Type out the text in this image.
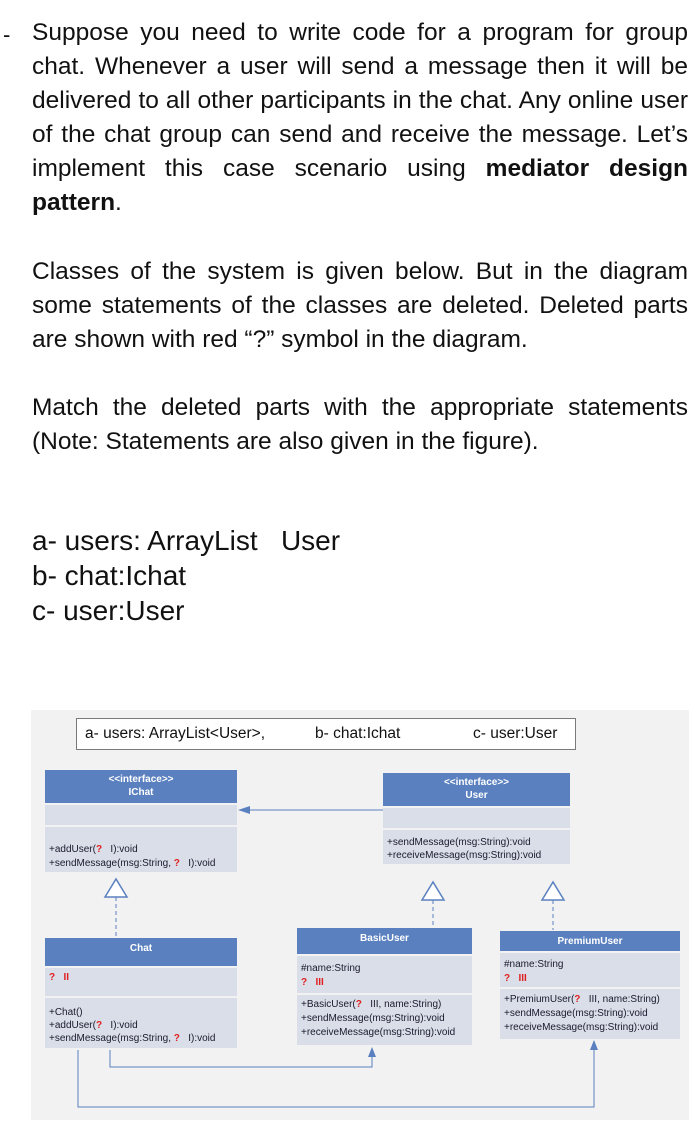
- Suppose you need to write code for a program for group chat. Whenever a user will send a message then it will be delivered to all other participants in the chat. Any online user of the chat group can send and receive the message. Let’s implement this case scenario using mediator design pattern.
Classes of the system is given below. But in the diagram some statements of the classes are deleted. Deleted parts are shown with red “?” symbol in the diagram.
Match the deleted parts with the appropriate statements (Note: Statements are also given in the figure).
a- users: ArrayList   User
b- chat:Ichat
c- user:User
a- users: ArrayList<User>,	b- chat:Ichat	c- user:User
<<interface>>
IChat
+addUser(?   I):void
+sendMessage(msg:String, ?   I):void
<<interface>>
User
+sendMessage(msg:String):void
+receiveMessage(msg:String):void
Chat
?   II
+Chat()
+addUser(?   I):void
+sendMessage(msg:String, ?   I):void
BasicUser
#name:String
?   III
+BasicUser(?   III, name:String)
+sendMessage(msg:String):void
+receiveMessage(msg:String):void
PremiumUser
#name:String
?   III
+PremiumUser(?   III, name:String)
+sendMessage(msg:String):void
+receiveMessage(msg:String):void
